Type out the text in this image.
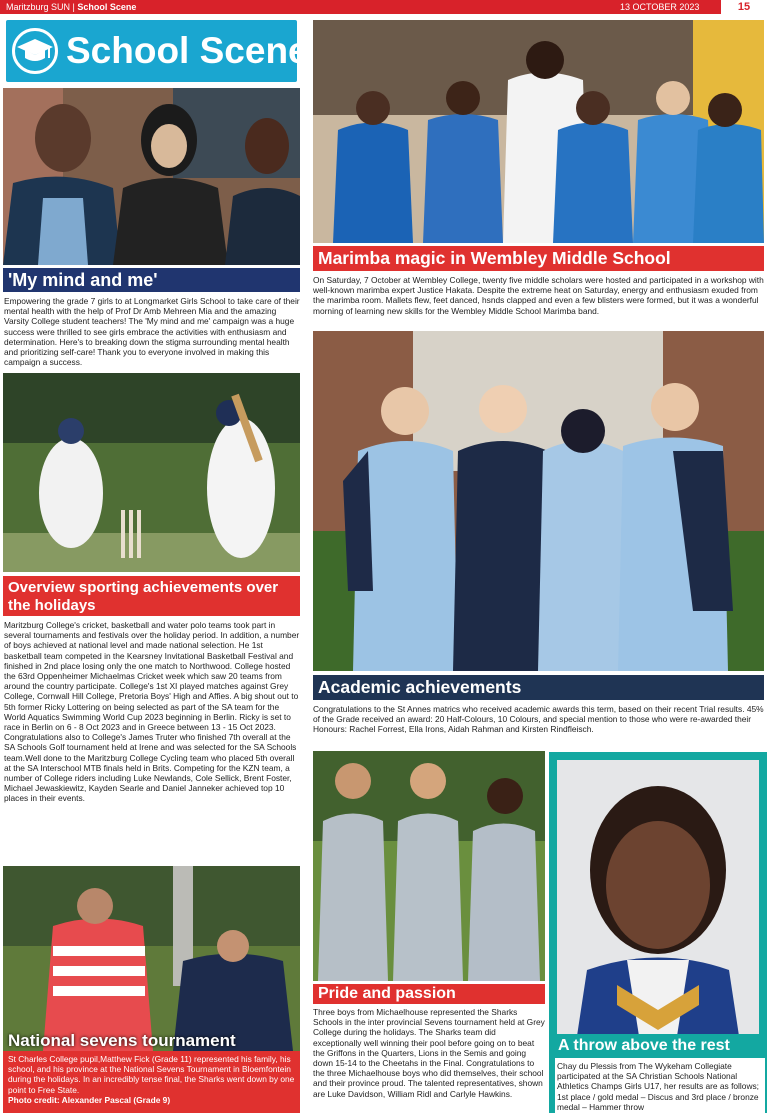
Maritzburg SUN | School Scene	13 OCTOBER 2023	15
School Scene
'My mind and me'
Empowering the grade 7 girls to at Longmarket Girls School to take care of their mental health with the help of Prof Dr Amb Mehreen Mia and the amazing Varsity College student teachers! The 'My mind and me' campaign was a huge success were thrilled to see girls embrace the activities with enthusiasm and determination. Here's to breaking down the stigma surrounding mental health and prioritizing self-care! Thank you to everyone involved in making this campaign a success.
Overview sporting achievements over the holidays
Maritzburg College's cricket, basketball and water polo teams took part in several tournaments and festivals over the holiday period. In addition, a number of boys achieved at national level and made national selection. He 1st basketball team competed in the Kearsney Invitational Basketball Festival and finished in 2nd place losing only the one match to Northwood. College hosted the 63rd Oppenheimer Michaelmas Cricket week which saw 20 teams from around the country participate. College's 1st XI played matches against Grey College, Cornwall Hill College, Pretoria Boys' High and Affies. A big shout out to 5th former Ricky Lottering on being selected as part of the SA team for the World Aquatics Swimming World Cup 2023 beginning in Berlin. Ricky is set to race in Berlin on 6 - 8 Oct 2023 and in Greece between 13 - 15 Oct 2023. Congratulations also to College's James Truter who finished 7th overall at the SA Schools Golf tournament held at Irene and was selected for the SA Schools team.Well done to the Maritzburg College Cycling team who placed 5th overall at the SA Interschool MTB finals held in Brits. Competing for the KZN team, a number of College riders including Luke Newlands, Cole Sellick, Brent Foster, Michael Jewaskiewitz, Kayden Searle and Daniel Janneker achieved top 10 places in their events.
National sevens tournament
St Charles College pupil,Matthew Fick (Grade 11) represented his family, his school, and his province at the National Sevens Tournament in Bloemfontein during the holidays. In an incredibly tense final, the Sharks went down by one point to Free State.
Photo credit: Alexander Pascal (Grade 9)
Marimba magic in Wembley Middle School
On Saturday, 7 October at Wembley College, twenty five middle scholars were hosted and participated in a workshop with well-known marimba expert Justice Hakata. Despite the extreme heat on Saturday, energy and enthusiasm exuded from the marimba room. Mallets flew, feet danced, hsnds clapped and even a few blisters were formed, but it was a wonderful morning of learning new skills for the Wembley Middle School Marimba band.
Academic achievements
Congratulations to the St Annes matrics who received academic awards this term, based on their recent Trial results. 45% of the Grade received an award: 20 Half-Colours, 10 Colours, and special mention to those who were re-awarded their Honours: Rachel Forrest, Ella Irons, Aidah Rahman and Kirsten Rindfleisch.
Pride and passion
Three boys from Michaelhouse represented the Sharks Schools in the inter provincial Sevens tournament held at Grey College during the holidays. The Sharks team did exceptionally well winning their pool before going on to beat the Griffons in the Quarters, Lions in the Semis and going down 15-14 to the Cheetahs in the Final. Congratulations to the three Michaelhouse boys who did themselves, their school and their province proud. The talented representatives, shown are Luke Davidson, William Ridl and Carlyle Hawkins.
A throw above the rest
Chay du Plessis from The Wykeham Collegiate participated at the SA Christian Schools National Athletics Champs Girls U17, her results are as follows; 1st place / gold medal – Discus and 3rd place / bronze medal – Hammer throw
